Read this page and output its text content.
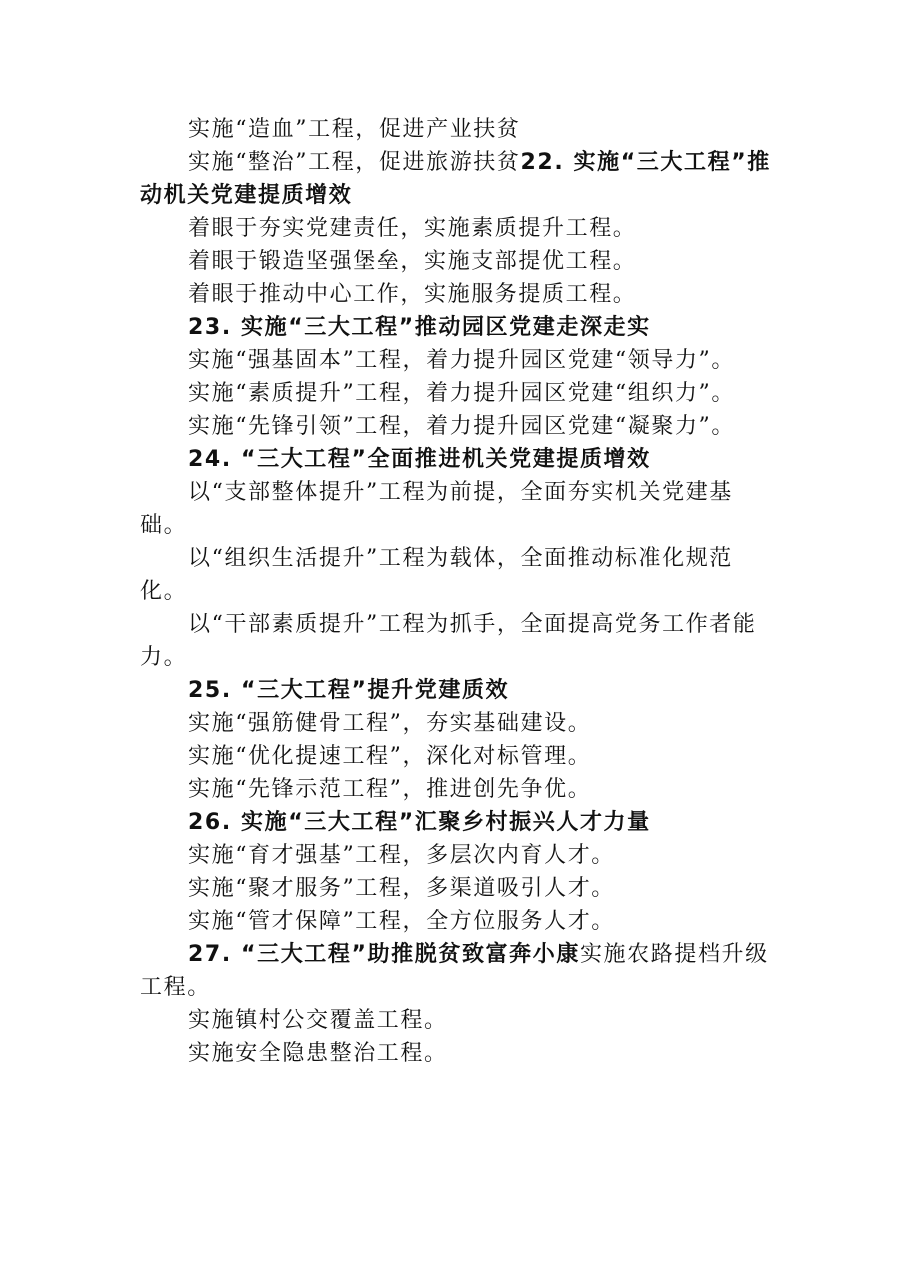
实施“造血”工程，促进产业扶贫
实施“整治”工程，促进旅游扶贫22. 实施“三大工程”推动机关党建提质增效
着眼于夯实党建责任，实施素质提升工程。
着眼于锻造坚强堡垒，实施支部提优工程。
着眼于推动中心工作，实施服务提质工程。
23. 实施“三大工程”推动园区党建走深走实
实施“强基固本”工程，着力提升园区党建“领导力”。
实施“素质提升”工程，着力提升园区党建“组织力”。
实施“先锋引领”工程，着力提升园区党建“凝聚力”。
24. “三大工程”全面推进机关党建提质增效
以“支部整体提升”工程为前提，全面夯实机关党建基础。
以“组织生活提升”工程为载体，全面推动标准化规范化。
以“干部素质提升”工程为抓手，全面提高党务工作者能力。
25. “三大工程”提升党建质效
实施“强筋健骨工程”，夯实基础建设。
实施“优化提速工程”，深化对标管理。
实施“先锋示范工程”，推进创先争优。
26. 实施“三大工程”汇聚乡村振兴人才力量
实施“育才强基”工程，多层次内育人才。
实施“聚才服务”工程，多渠道吸引人才。
实施“管才保障”工程，全方位服务人才。
27. “三大工程”助推脱贫致富奔小康实施农路提档升级工程。
实施镇村公交覆盖工程。
实施安全隐患整治工程。
